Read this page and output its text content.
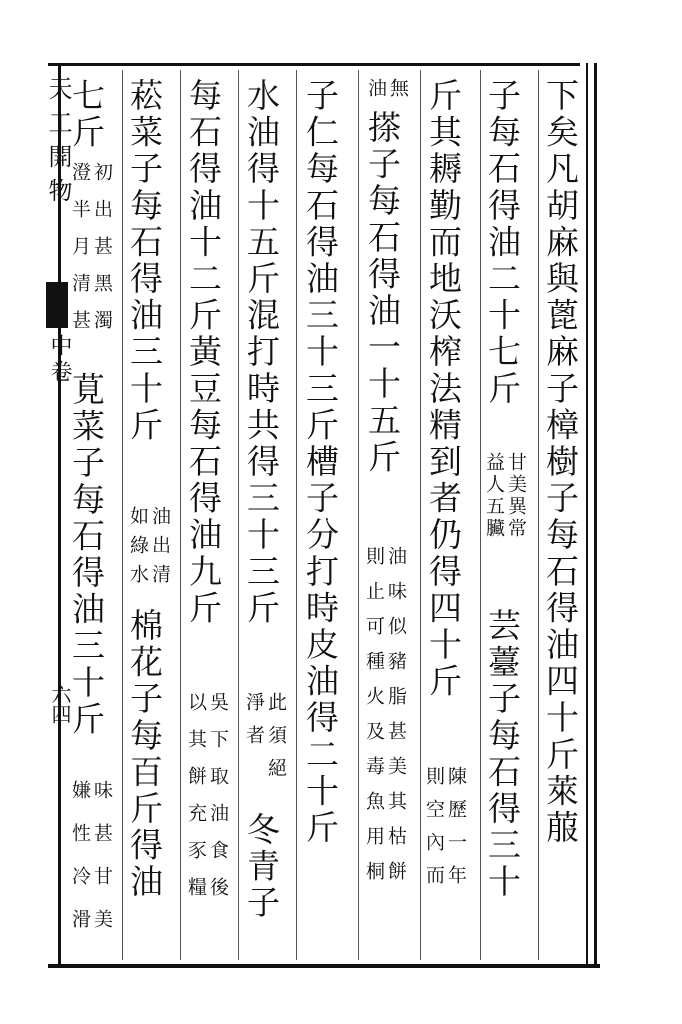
天工開物
中卷
六四	下矣凡胡麻與蓖麻子樟樹子每石得油四十斤萊菔
子每石得油二十七斤
甘美異常
益人五臟
芸薹子每石得三十
斤其耨勤而地沃榨法精到者仍得四十斤
陳歷一年
則空內而
無
油
搽子每石得油一十五斤
油味似豬脂甚美其枯餅
則止可種火及毒魚用桐
子仁每石得油三十三斤槽子分打時皮油得二十斤
水油得十五斤混打時共得三十三斤
此須絕
淨者
冬青子
每石得油十二斤黃豆每石得油九斤
吳下取油食後
以其餅充豕糧
菘菜子每石得油三十斤
油出清
如綠水
棉花子每百斤得油
七斤
初出甚黑濁
澄半月清甚
莧菜子每石得油三十斤
味甚甘美
嫌性冷滑
